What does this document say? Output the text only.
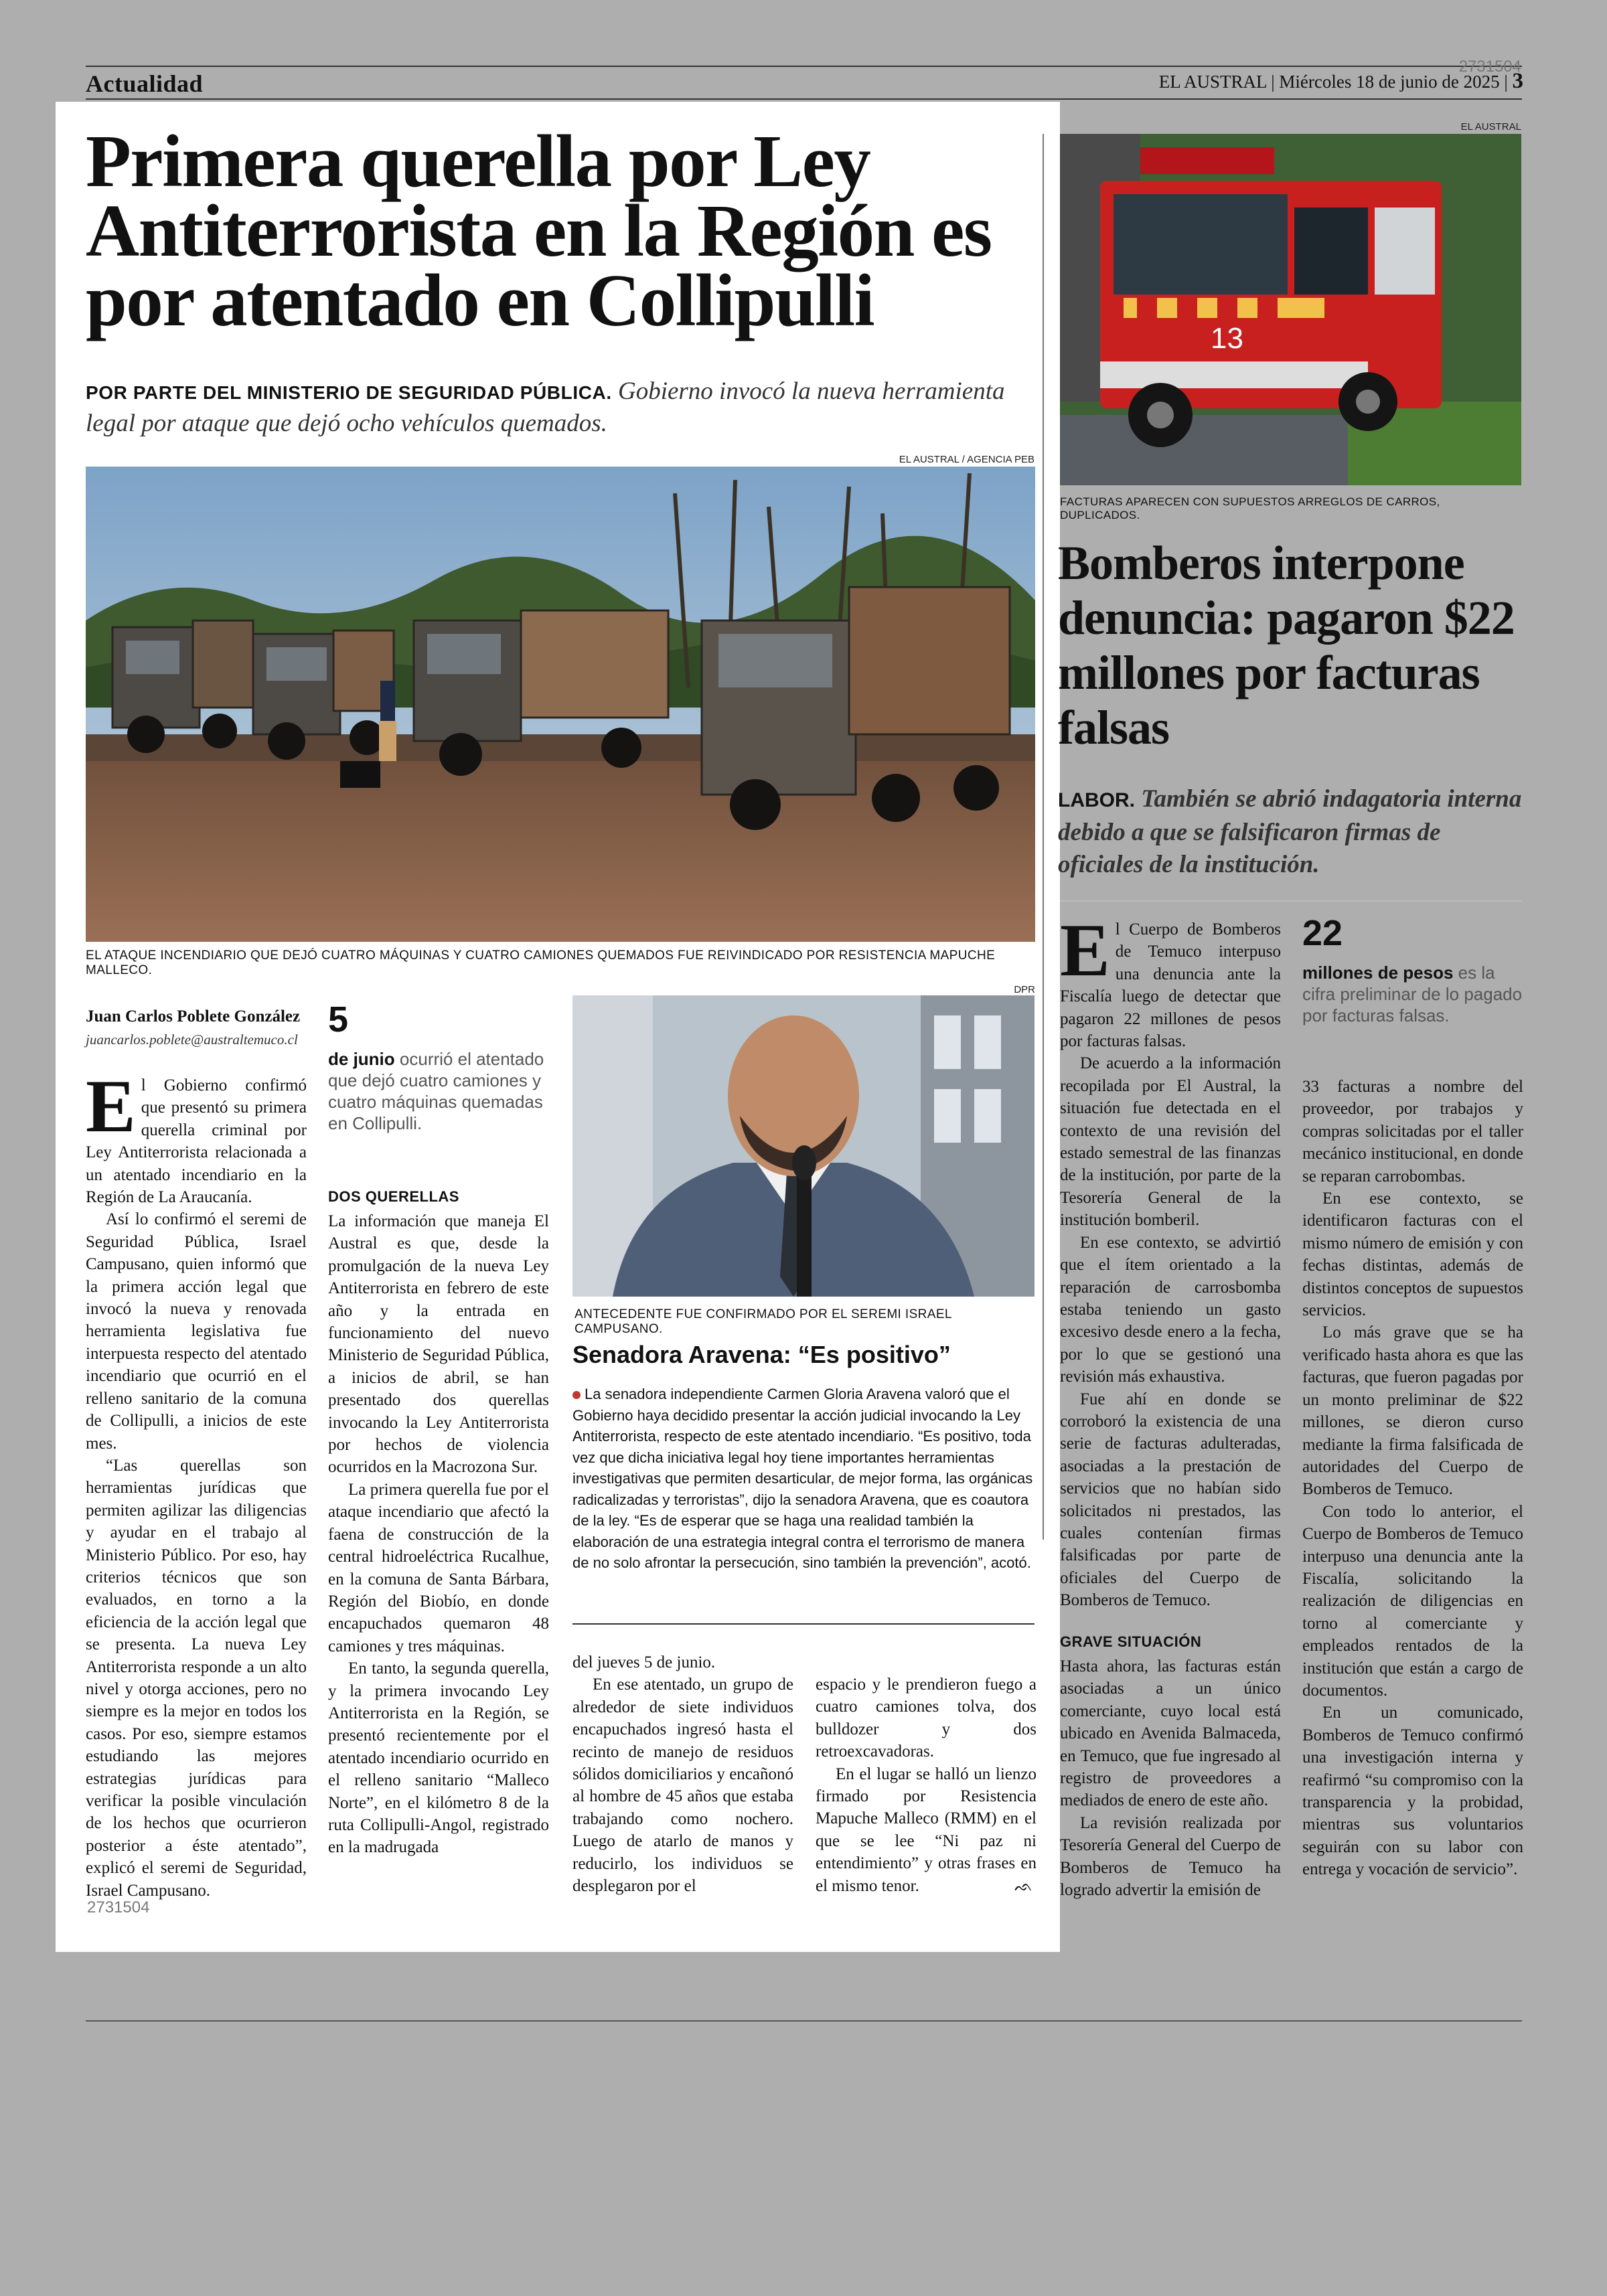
Actualidad	EL AUSTRAL | Miércoles 18 de junio de 2025 | 3
2731504
Primera querella por Ley Antiterrorista en la Región es por atentado en Collipulli
POR PARTE DEL MINISTERIO DE SEGURIDAD PÚBLICA. Gobierno invocó la nueva herramienta legal por ataque que dejó ocho vehículos quemados.
EL AUSTRAL / AGENCIA PEB
EL ATAQUE INCENDIARIO QUE DEJÓ CUATRO MÁQUINAS Y CUATRO CAMIONES QUEMADOS FUE REIVINDICADO POR RESISTENCIA MAPUCHE MALLECO.
Juan Carlos Poblete González
juancarlos.poblete@australtemuco.cl

El Gobierno confirmó que presentó su primera querella criminal por Ley Antiterrorista relacionada a un atentado incendiario en la Región de La Araucanía.

Así lo confirmó el seremi de Seguridad Pública, Israel Campusano, quien informó que la primera acción legal que invocó la nueva y renovada herramienta legislativa fue interpuesta respecto del atentado incendiario que ocurrió en el relleno sanitario de la comuna de Collipulli, a inicios de este mes.

“Las querellas son herramientas jurídicas que permiten agilizar las diligencias y ayudar en el trabajo al Ministerio Público. Por eso, hay criterios técnicos que son evaluados, en torno a la eficiencia de la acción legal que se presenta. La nueva Ley Antiterrorista responde a un alto nivel y otorga acciones, pero no siempre es la mejor en todos los casos. Por eso, siempre estamos estudiando las mejores estrategias jurídicas para verificar la posible vinculación de los hechos que ocurrieron posterior a éste atentado”, explicó el seremi de Seguridad, Israel Campusano.

2731504
5
de junio ocurrió el atentado que dejó cuatro camiones y cuatro máquinas quemadas en Collipulli.
DOS QUERELLAS

La información que maneja El Austral es que, desde la promulgación de la nueva Ley Antiterrorista en febrero de este año y la entrada en funcionamiento del nuevo Ministerio de Seguridad Pública, a inicios de abril, se han presentado dos querellas invocando la Ley Antiterrorista por hechos de violencia ocurridos en la Macrozona Sur.

La primera querella fue por el ataque incendiario que afectó la faena de construcción de la central hidroeléctrica Rucalhue, en la comuna de Santa Bárbara, Región del Biobío, en donde encapuchados quemaron 48 camiones y tres máquinas.

En tanto, la segunda querella, y la primera invocando Ley Antiterrorista en la Región, se presentó recientemente por el atentado incendiario ocurrido en el relleno sanitario “Malleco Norte”, en el kilómetro 8 de la ruta Collipulli-Angol, registrado en la madrugada

DPR
ANTECEDENTE FUE CONFIRMADO POR EL SEREMI ISRAEL CAMPUSANO.
Senadora Aravena: “Es positivo”
La senadora independiente Carmen Gloria Aravena valoró que el Gobierno haya decidido presentar la acción judicial invocando la Ley Antiterrorista, respecto de este atentado incendiario. “Es positivo, toda vez que dicha iniciativa legal hoy tiene importantes herramientas investigativas que permiten desarticular, de mejor forma, las orgánicas radicalizadas y terroristas”, dijo la senadora Aravena, que es coautora de la ley. “Es de esperar que se haga una realidad también la elaboración de una estrategia integral contra el terrorismo de manera de no solo afrontar la persecución, sino también la prevención”, acotó.

del jueves 5 de junio.

En ese atentado, un grupo de alrededor de siete individuos encapuchados ingresó hasta el recinto de manejo de residuos sólidos domiciliarios y encañonó al hombre de 45 años que estaba trabajando como nochero. Luego de atarlo de manos y reducirlo, los individuos se desplegaron por el

espacio y le prendieron fuego a cuatro camiones tolva, dos bulldozer y dos retroexcavadoras.

En el lugar se halló un lienzo firmado por Resistencia Mapuche Malleco (RMM) en el que se lee “Ni paz ni entendimiento” y otras frases en el mismo tenor.	ᨒ
EL AUSTRAL
13
FACTURAS APARECEN CON SUPUESTOS ARREGLOS DE CARROS, DUPLICADOS.
Bomberos interpone denuncia: pagaron $22 millones por facturas falsas
LABOR. También se abrió indagatoria interna debido a que se falsificaron firmas de oficiales de la institución.

El Cuerpo de Bomberos de Temuco interpuso una denuncia ante la Fiscalía luego de detectar que pagaron 22 millones de pesos por facturas falsas.

De acuerdo a la información recopilada por El Austral, la situación fue detectada en el contexto de una revisión del estado semestral de las finanzas de la institución, por parte de la Tesorería General de la institución bomberil.

En ese contexto, se advirtió que el ítem orientado a la reparación de carrosbomba estaba teniendo un gasto excesivo desde enero a la fecha, por lo que se gestionó una revisión más exhaustiva.

Fue ahí en donde se corroboró la existencia de una serie de facturas adulteradas, asociadas a la prestación de servicios que no habían sido solicitados ni prestados, las cuales contenían firmas falsificadas por parte de oficiales del Cuerpo de Bomberos de Temuco.

GRAVE SITUACIÓN

Hasta ahora, las facturas están asociadas a un único comerciante, cuyo local está ubicado en Avenida Balmaceda, en Temuco, que fue ingresado al registro de proveedores a mediados de enero de este año.

La revisión realizada por Tesorería General del Cuerpo de Bomberos de Temuco ha logrado advertir la emisión de

22
millones de pesos es la cifra preliminar de lo pagado por facturas falsas.

33 facturas a nombre del proveedor, por trabajos y compras solicitadas por el taller mecánico institucional, en donde se reparan carrobombas.

En ese contexto, se identificaron facturas con el mismo número de emisión y con fechas distintas, además de distintos conceptos de supuestos servicios.

Lo más grave que se ha verificado hasta ahora es que las facturas, que fueron pagadas por un monto preliminar de $22 millones, se dieron curso mediante la firma falsificada de autoridades del Cuerpo de Bomberos de Temuco.

Con todo lo anterior, el Cuerpo de Bomberos de Temuco interpuso una denuncia ante la Fiscalía, solicitando la realización de diligencias en torno al comerciante y empleados rentados de la institución que están a cargo de documentos.

En un comunicado, Bomberos de Temuco confirmó una investigación interna y reafirmó “su compromiso con la transparencia y la probidad, mientras sus voluntarios seguirán con su labor con entrega y vocación de servicio”.
